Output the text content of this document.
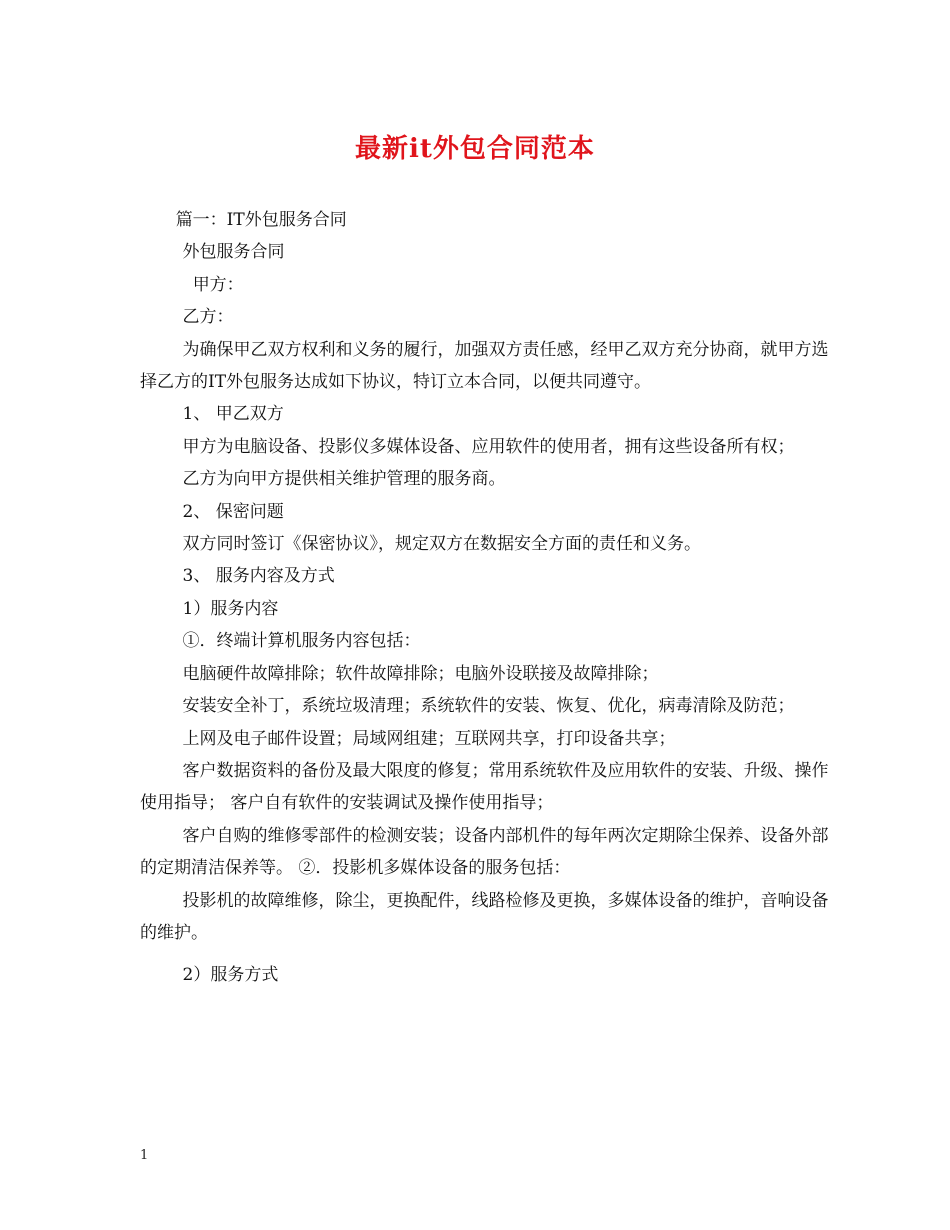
最新it外包合同范本

篇一：IT外包服务合同

外包服务合同

甲方：

乙方：

为确保甲乙双方权利和义务的履行，加强双方责任感，经甲乙双方充分协商，就甲方选择乙方的IT外包服务达成如下协议，特订立本合同，以便共同遵守。

1、 甲乙双方

甲方为电脑设备、投影仪多媒体设备、应用软件的使用者，拥有这些设备所有权；

乙方为向甲方提供相关维护管理的服务商。

2、 保密问题

双方同时签订《保密协议》，规定双方在数据安全方面的责任和义务。

3、 服务内容及方式

1）服务内容

①．终端计算机服务内容包括：

电脑硬件故障排除；软件故障排除；电脑外设联接及故障排除；

安装安全补丁，系统垃圾清理；系统软件的安装、恢复、优化，病毒清除及防范；

上网及电子邮件设置；局域网组建；互联网共享，打印设备共享；

客户数据资料的备份及最大限度的修复；常用系统软件及应用软件的安装、升级、操作使用指导； 客户自有软件的安装调试及操作使用指导；

客户自购的维修零部件的检测安装；设备内部机件的每年两次定期除尘保养、设备外部的定期清洁保养等。 ②．投影机多媒体设备的服务包括：

投影机的故障维修，除尘，更换配件，线路检修及更换，多媒体设备的维护，音响设备的维护。

2）服务方式

1
